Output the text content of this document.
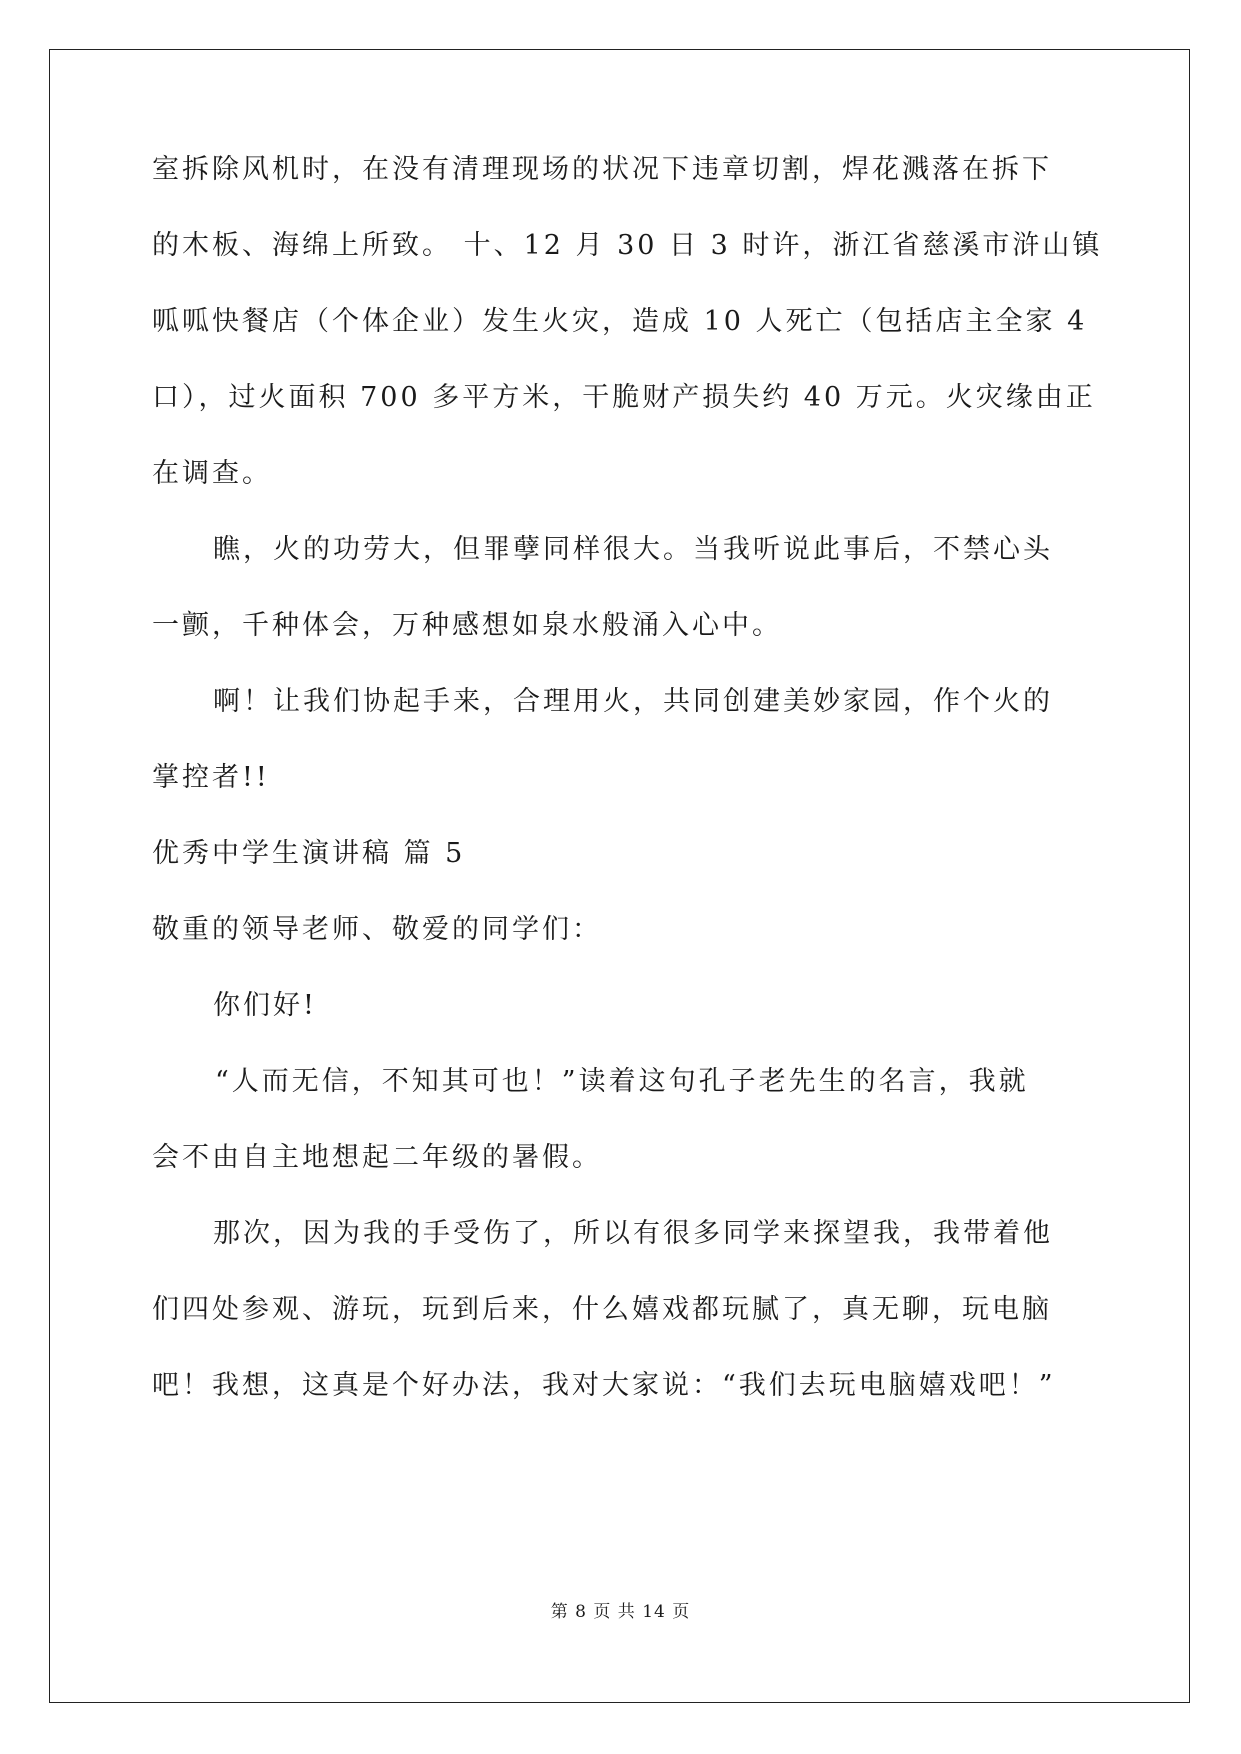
室拆除风机时，在没有清理现场的状况下违章切割，焊花溅落在拆下

的木板、海绵上所致。 十、12 月 30 日 3 时许，浙江省慈溪市浒山镇

呱呱快餐店（个体企业）发生火灾，造成 10 人死亡（包括店主全家 4

口），过火面积 700 多平方米，干脆财产损失约 40 万元。火灾缘由正

在调查。

瞧，火的功劳大，但罪孽同样很大。当我听说此事后，不禁心头

一颤，千种体会，万种感想如泉水般涌入心中。

啊！让我们协起手来，合理用火，共同创建美妙家园，作个火的

掌控者!!

优秀中学生演讲稿 篇 5

敬重的领导老师、敬爱的同学们：

你们好!

“人而无信，不知其可也！”读着这句孔子老先生的名言，我就

会不由自主地想起二年级的暑假。

那次，因为我的手受伤了，所以有很多同学来探望我，我带着他

们四处参观、游玩，玩到后来，什么嬉戏都玩腻了，真无聊，玩电脑

吧！我想，这真是个好办法，我对大家说：“我们去玩电脑嬉戏吧！”

第 8 页 共 14 页
